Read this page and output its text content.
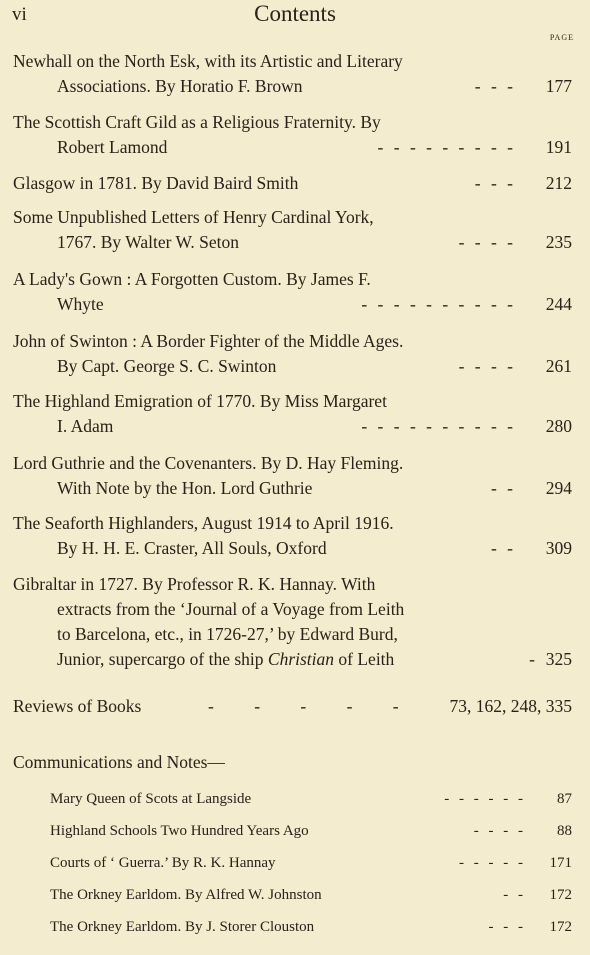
vi	Contents
PAGE
Newhall on the North Esk, with its Artistic and Literary
Associations. By Horatio F. Brown	- - - 177
The Scottish Craft Gild as a Religious Fraternity. By
Robert Lamond	- - - - - - - - - 191
Glasgow in 1781. By David Baird Smith	- - - 212
Some Unpublished Letters of Henry Cardinal York,
1767. By Walter W. Seton	- - - - 235
A Lady's Gown : A Forgotten Custom. By James F.
Whyte	- - - - - - - - - - 244
John of Swinton : A Border Fighter of the Middle Ages.
By Capt. George S. C. Swinton	- - - - 261
The Highland Emigration of 1770. By Miss Margaret
I. Adam	- - - - - - - - - - 280
Lord Guthrie and the Covenanters. By D. Hay Fleming.
With Note by the Hon. Lord Guthrie	- - 294
The Seaforth Highlanders, August 1914 to April 1916.
By H. H. E. Craster, All Souls, Oxford	- - 309
Gibraltar in 1727. By Professor R. K. Hannay. With
extracts from the ‘Journal of a Voyage from Leith
to Barcelona, etc., in 1726-27,’ by Edward Burd,
Junior, supercargo of the ship Christian of Leith	- 325
Reviews of Books	- - - - - 73, 162, 248, 335
Communications and Notes—
Mary Queen of Scots at Langside	- - - - - - 87
Highland Schools Two Hundred Years Ago	- - - - 88
Courts of ‘ Guerra.’ By R. K. Hannay	- - - - - 171
The Orkney Earldom. By Alfred W. Johnston	- - 172
The Orkney Earldom. By J. Storer Clouston	- - - 172
